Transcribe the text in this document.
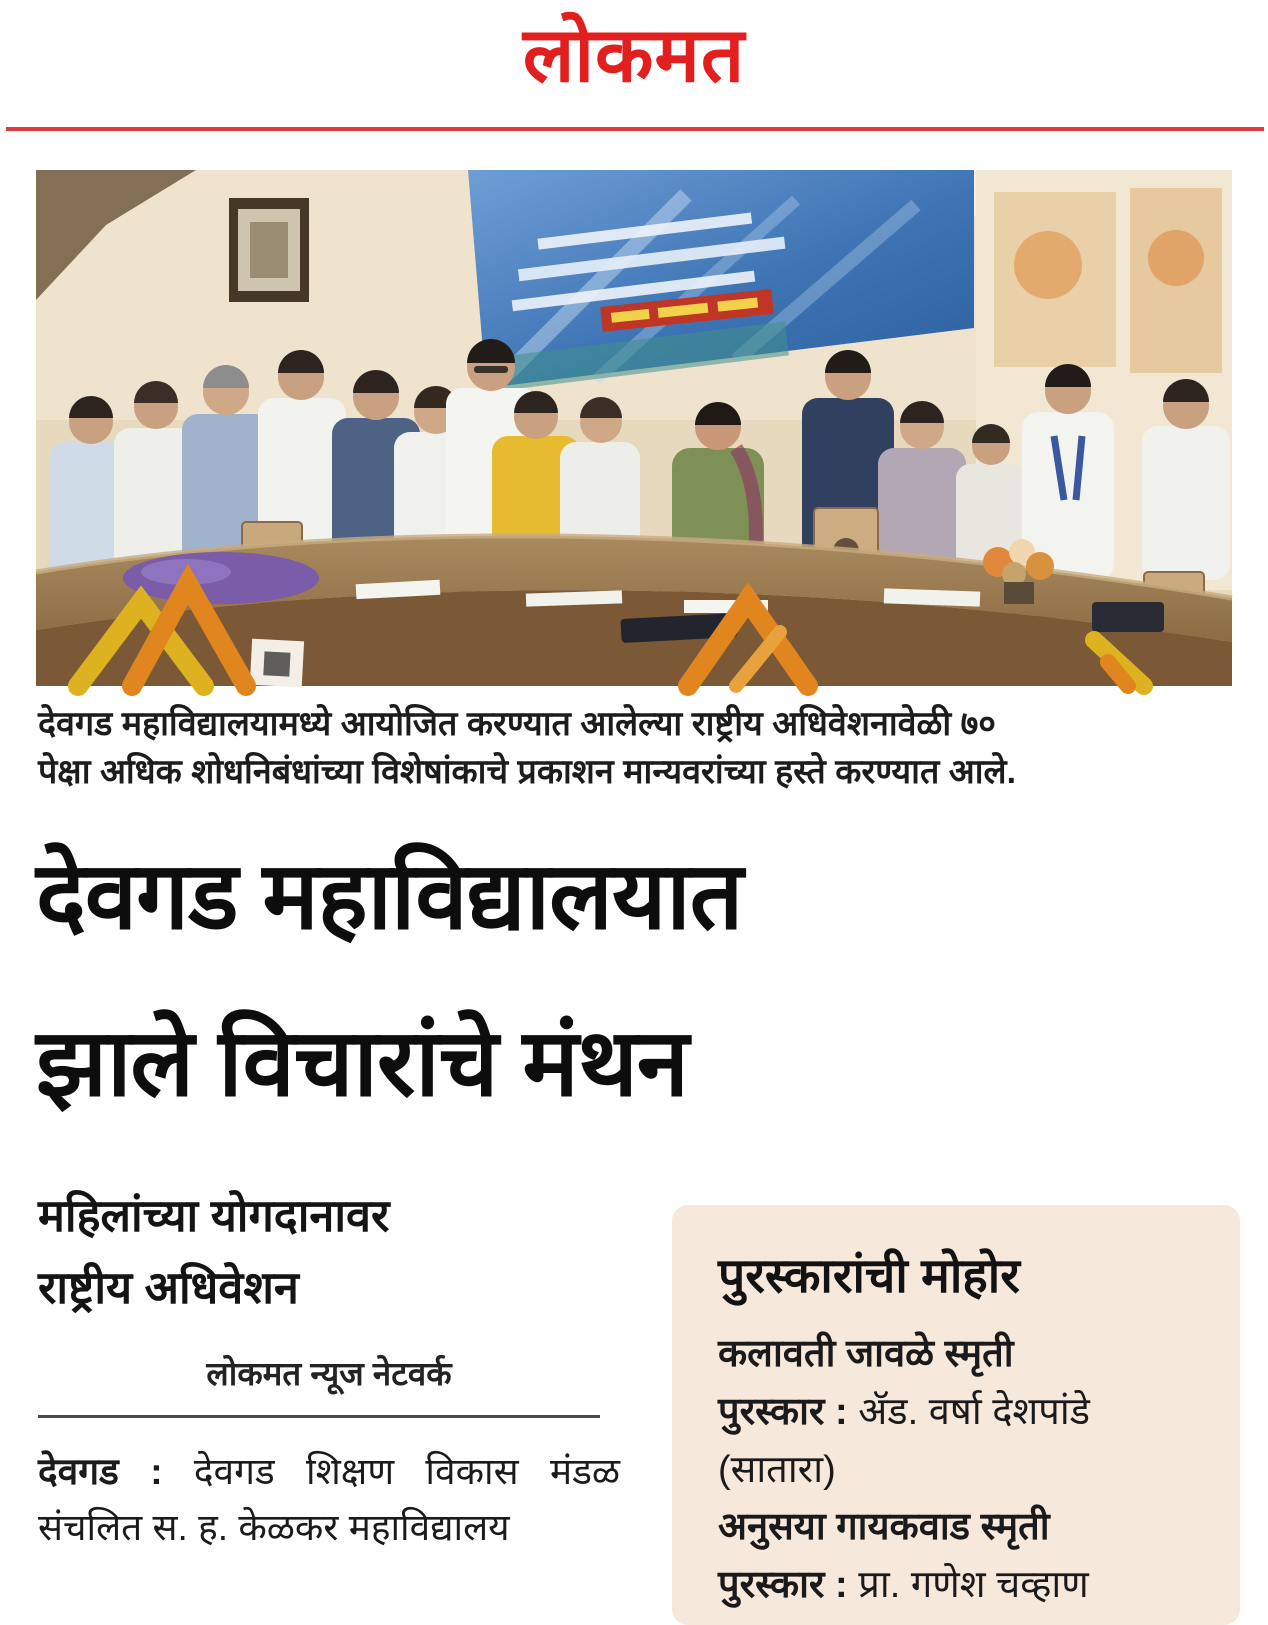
लोकमत
देवगड महाविद्यालयामध्ये आयोजित करण्यात आलेल्या राष्ट्रीय अधिवेशनावेळी ७०
पेक्षा अधिक शोधनिबंधांच्या विशेषांकाचे प्रकाशन मान्यवरांच्या हस्ते करण्यात आले.
देवगड महाविद्यालयात
झाले विचारांचे मंथन
महिलांच्या योगदानावर
राष्ट्रीय अधिवेशन
लोकमत न्यूज नेटवर्क

देवगड : देवगड शिक्षण विकास मंडळ संचलित स. ह. केळकर महाविद्यालय

पुरस्कारांची मोहोर
कलावती जावळे स्मृती
पुरस्कार : ॲड. वर्षा देशपांडे
(सातारा)
अनुसया गायकवाड स्मृती
पुरस्कार : प्रा. गणेश चव्हाण
